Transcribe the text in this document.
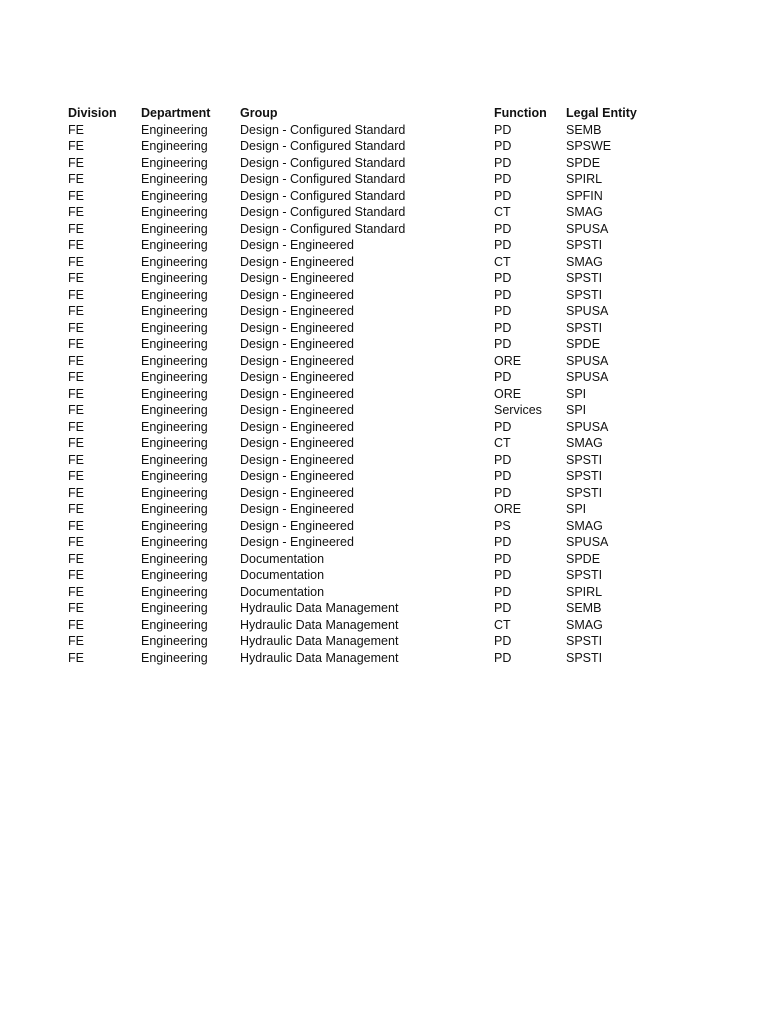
Division	Department	Group	Function	Legal Entity
FE	Engineering	Design - Configured Standard	PD	SEMB
FE	Engineering	Design - Configured Standard	PD	SPSWE
FE	Engineering	Design - Configured Standard	PD	SPDE
FE	Engineering	Design - Configured Standard	PD	SPIRL
FE	Engineering	Design - Configured Standard	PD	SPFIN
FE	Engineering	Design - Configured Standard	CT	SMAG
FE	Engineering	Design - Configured Standard	PD	SPUSA
FE	Engineering	Design - Engineered	PD	SPSTI
FE	Engineering	Design - Engineered	CT	SMAG
FE	Engineering	Design - Engineered	PD	SPSTI
FE	Engineering	Design - Engineered	PD	SPSTI
FE	Engineering	Design - Engineered	PD	SPUSA
FE	Engineering	Design - Engineered	PD	SPSTI
FE	Engineering	Design - Engineered	PD	SPDE
FE	Engineering	Design - Engineered	ORE	SPUSA
FE	Engineering	Design - Engineered	PD	SPUSA
FE	Engineering	Design - Engineered	ORE	SPI
FE	Engineering	Design - Engineered	Services	SPI
FE	Engineering	Design - Engineered	PD	SPUSA
FE	Engineering	Design - Engineered	CT	SMAG
FE	Engineering	Design - Engineered	PD	SPSTI
FE	Engineering	Design - Engineered	PD	SPSTI
FE	Engineering	Design - Engineered	PD	SPSTI
FE	Engineering	Design - Engineered	ORE	SPI
FE	Engineering	Design - Engineered	PS	SMAG
FE	Engineering	Design - Engineered	PD	SPUSA
FE	Engineering	Documentation	PD	SPDE
FE	Engineering	Documentation	PD	SPSTI
FE	Engineering	Documentation	PD	SPIRL
FE	Engineering	Hydraulic Data Management	PD	SEMB
FE	Engineering	Hydraulic Data Management	CT	SMAG
FE	Engineering	Hydraulic Data Management	PD	SPSTI
FE	Engineering	Hydraulic Data Management	PD	SPSTI
